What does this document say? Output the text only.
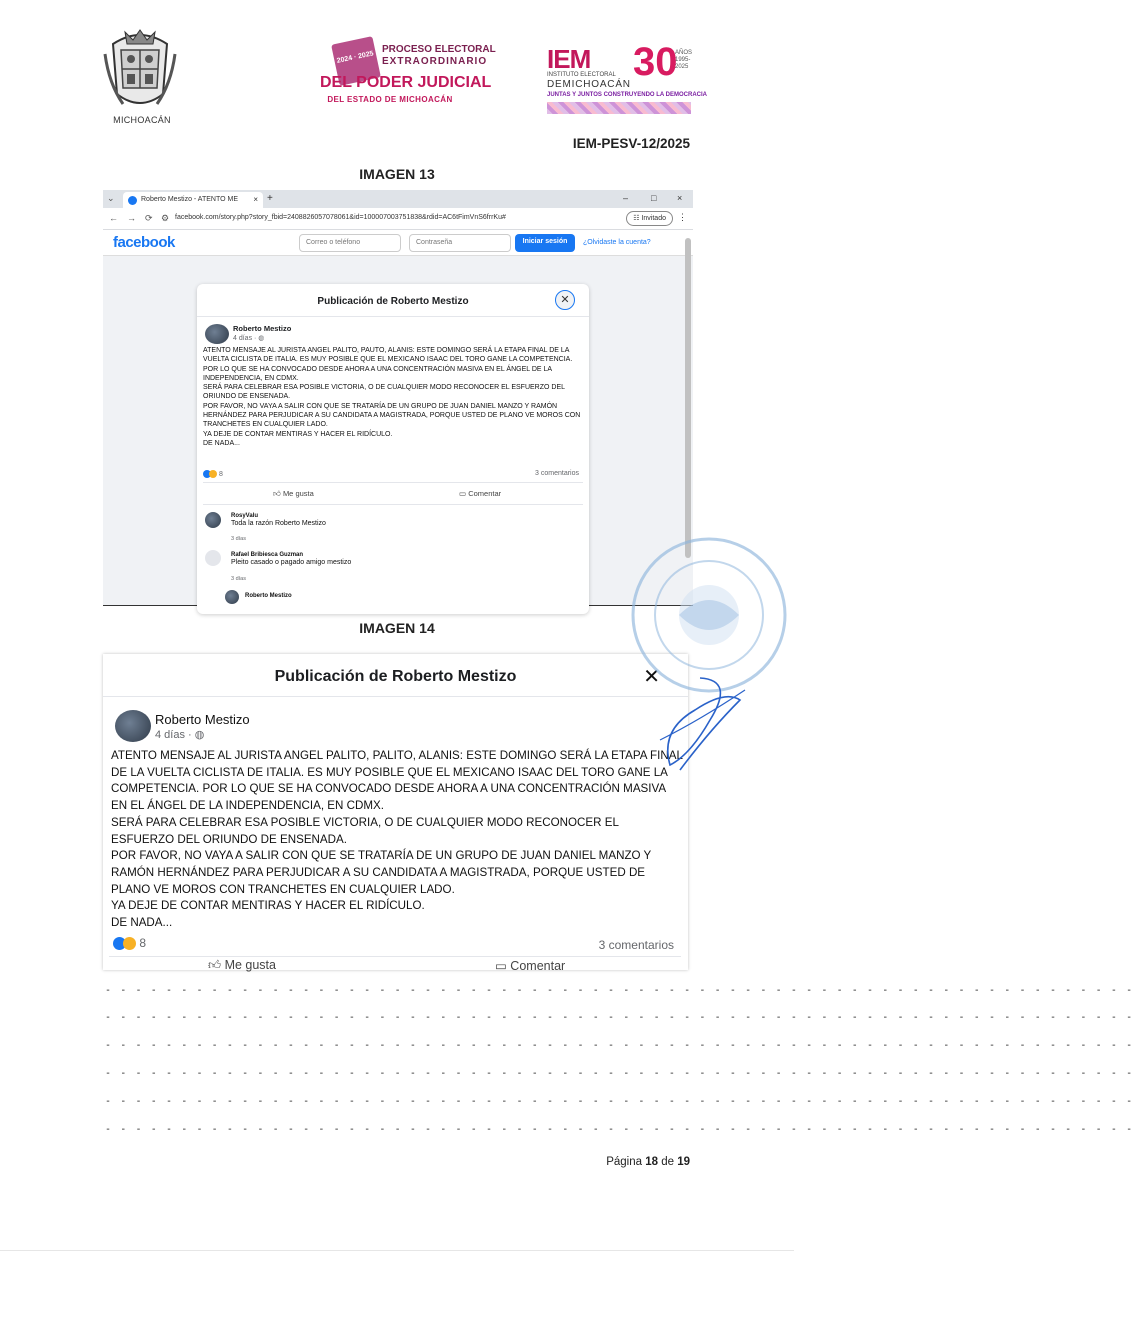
MICHOACÁN
2024 · 2025
PROCESO ELECTORAL
EXTRAORDINARIO
DEL PODER JUDICIAL
DEL ESTADO DE MICHOACÁN
IEM 30
AÑOS
1995-2025
INSTITUTO ELECTORAL
DEMICHOACÁN
JUNTAS Y JUNTOS CONSTRUYENDO LA DEMOCRACIA
IEM-PESV-12/2025
IMAGEN 13
⌄	Roberto Mestizo - ATENTO ME × +	–	□ ×
← → ⟳ ⚙ facebook.com/story.php?story_fbid=2408826057078061&id=100007003751838&rdid=AC6tFimVnS6frrKu#	☷ Invitado	⋮
facebook	Correo o teléfono	Contraseña	Iniciar sesión	¿Olvidaste la cuenta?
Publicación de Roberto Mestizo	✕
Roberto Mestizo
4 días · ◍

ATENTO MENSAJE AL JURISTA ANGEL PALITO, PAUTO, ALANIS: ESTE DOMINGO SERÁ LA ETAPA FINAL DE LA VUELTA CICLISTA DE ITALIA. ES MUY POSIBLE QUE EL MEXICANO ISAAC DEL TORO GANE LA COMPETENCIA. POR LO QUE SE HA CONVOCADO DESDE AHORA A UNA CONCENTRACIÓN MASIVA EN EL ÁNGEL DE LA INDEPENDENCIA, EN CDMX.

SERÁ PARA CELEBRAR ESA POSIBLE VICTORIA, O DE CUALQUIER MODO RECONOCER EL ESFUERZO DEL ORIUNDO DE ENSENADA.

POR FAVOR, NO VAYA A SALIR CON QUE SE TRATARÍA DE UN GRUPO DE JUAN DANIEL MANZO Y RAMÓN HERNÁNDEZ PARA PERJUDICAR A SU CANDIDATA A MAGISTRADA, PORQUE USTED DE PLANO VE MOROS CON TRANCHETES EN CUALQUIER LADO.

YA DEJE DE CONTAR MENTIRAS Y HACER EL RIDÍCULO.

DE NADA...

8	3 comentarios
👍︎ Me gusta	▭ Comentar
RosyValu
Toda la razón Roberto Mestizo
3 días
Rafael Bribiesca Guzman
Pleito casado o pagado amigo mestizo
3 días
Roberto Mestizo
IMAGEN 14
Publicación de Roberto Mestizo	✕
Roberto Mestizo
4 días · ◍

ATENTO MENSAJE AL JURISTA ANGEL PALITO, PALITO, ALANIS: ESTE DOMINGO SERÁ LA ETAPA FINAL DE LA VUELTA CICLISTA DE ITALIA. ES MUY POSIBLE QUE EL MEXICANO ISAAC DEL TORO GANE LA COMPETENCIA. POR LO QUE SE HA CONVOCADO DESDE AHORA A UNA CONCENTRACIÓN MASIVA EN EL ÁNGEL DE LA INDEPENDENCIA, EN CDMX.

SERÁ PARA CELEBRAR ESA POSIBLE VICTORIA, O DE CUALQUIER MODO RECONOCER EL ESFUERZO DEL ORIUNDO DE ENSENADA.

POR FAVOR, NO VAYA A SALIR CON QUE SE TRATARÍA DE UN GRUPO DE JUAN DANIEL MANZO Y RAMÓN HERNÁNDEZ PARA PERJUDICAR A SU CANDIDATA A MAGISTRADA, PORQUE USTED DE PLANO VE MOROS CON TRANCHETES EN CUALQUIER LADO.

YA DEJE DE CONTAR MENTIRAS Y HACER EL RIDÍCULO.

DE NADA...

8	3 comentarios
👍︎ Me gusta	▭ Comentar
- - - - - - - - - - - - - - - - - - - - - - - - - - - - - - - - - - - - - - - - - - - - - - - - - - - - - - - - - - - - - - - - - - - -
- - - - - - - - - - - - - - - - - - - - - - - - - - - - - - - - - - - - - - - - - - - - - - - - - - - - - - - - - - - - - - - - - - - -
- - - - - - - - - - - - - - - - - - - - - - - - - - - - - - - - - - - - - - - - - - - - - - - - - - - - - - - - - - - - - - - - - - - -
- - - - - - - - - - - - - - - - - - - - - - - - - - - - - - - - - - - - - - - - - - - - - - - - - - - - - - - - - - - - - - - - - - - -
- - - - - - - - - - - - - - - - - - - - - - - - - - - - - - - - - - - - - - - - - - - - - - - - - - - - - - - - - - - - - - - - - - - -
- - - - - - - - - - - - - - - - - - - - - - - - - - - - - - - - - - - - - - - - - - - - - - - - - - - - - - - - - - - - - - - - - - - -
Página 18 de 19
